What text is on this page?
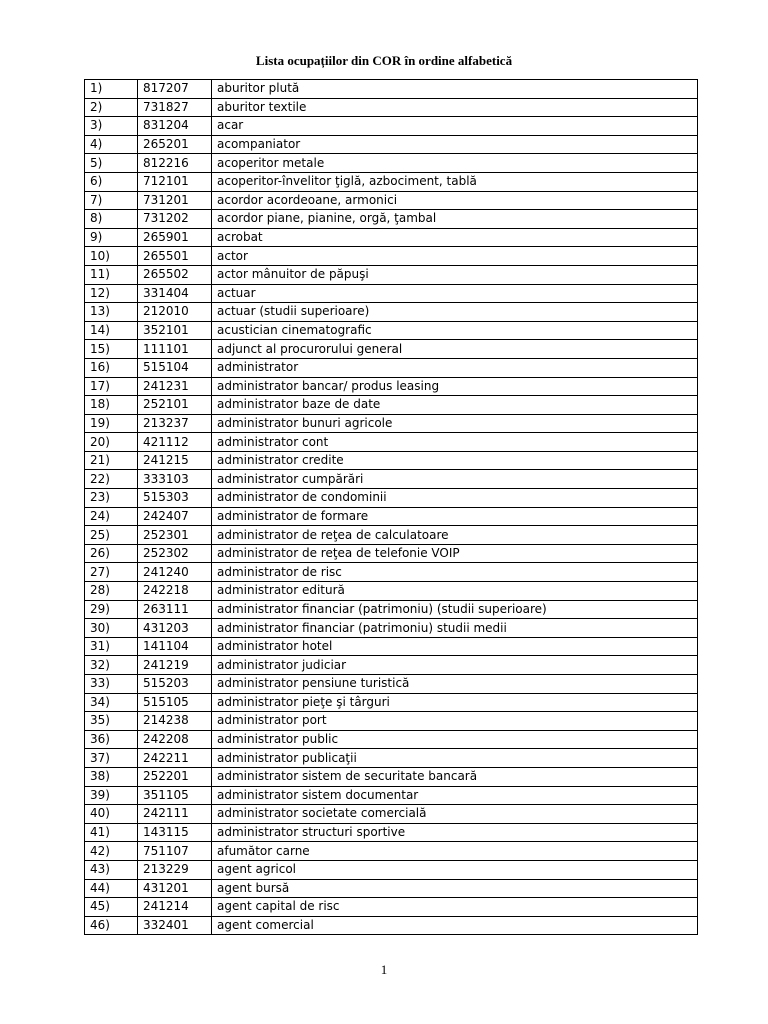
Lista ocupațiilor din COR în ordine alfabetică
1)	817207	aburitor plută
2)	731827	aburitor textile
3)	831204	acar
4)	265201	acompaniator
5)	812216	acoperitor metale
6)	712101	acoperitor-învelitor ţiglă, azbociment, tablă
7)	731201	acordor acordeoane, armonici
8)	731202	acordor piane, pianine, orgă, ţambal
9)	265901	acrobat
10)	265501	actor
11)	265502	actor mânuitor de păpuşi
12)	331404	actuar
13)	212010	actuar (studii superioare)
14)	352101	acustician cinematografic
15)	111101	adjunct al procurorului general
16)	515104	administrator
17)	241231	administrator bancar/ produs leasing
18)	252101	administrator baze de date
19)	213237	administrator bunuri agricole
20)	421112	administrator cont
21)	241215	administrator credite
22)	333103	administrator cumpărări
23)	515303	administrator de condominii
24)	242407	administrator de formare
25)	252301	administrator de reţea de calculatoare
26)	252302	administrator de reţea de telefonie VOIP
27)	241240	administrator de risc
28)	242218	administrator editură
29)	263111	administrator financiar (patrimoniu) (studii superioare)
30)	431203	administrator financiar (patrimoniu) studii medii
31)	141104	administrator hotel
32)	241219	administrator judiciar
33)	515203	administrator pensiune turistică
34)	515105	administrator pieţe şi târguri
35)	214238	administrator port
36)	242208	administrator public
37)	242211	administrator publicaţii
38)	252201	administrator sistem de securitate bancară
39)	351105	administrator sistem documentar
40)	242111	administrator societate comercială
41)	143115	administrator structuri sportive
42)	751107	afumător carne
43)	213229	agent agricol
44)	431201	agent bursă
45)	241214	agent capital de risc
46)	332401	agent comercial
1
